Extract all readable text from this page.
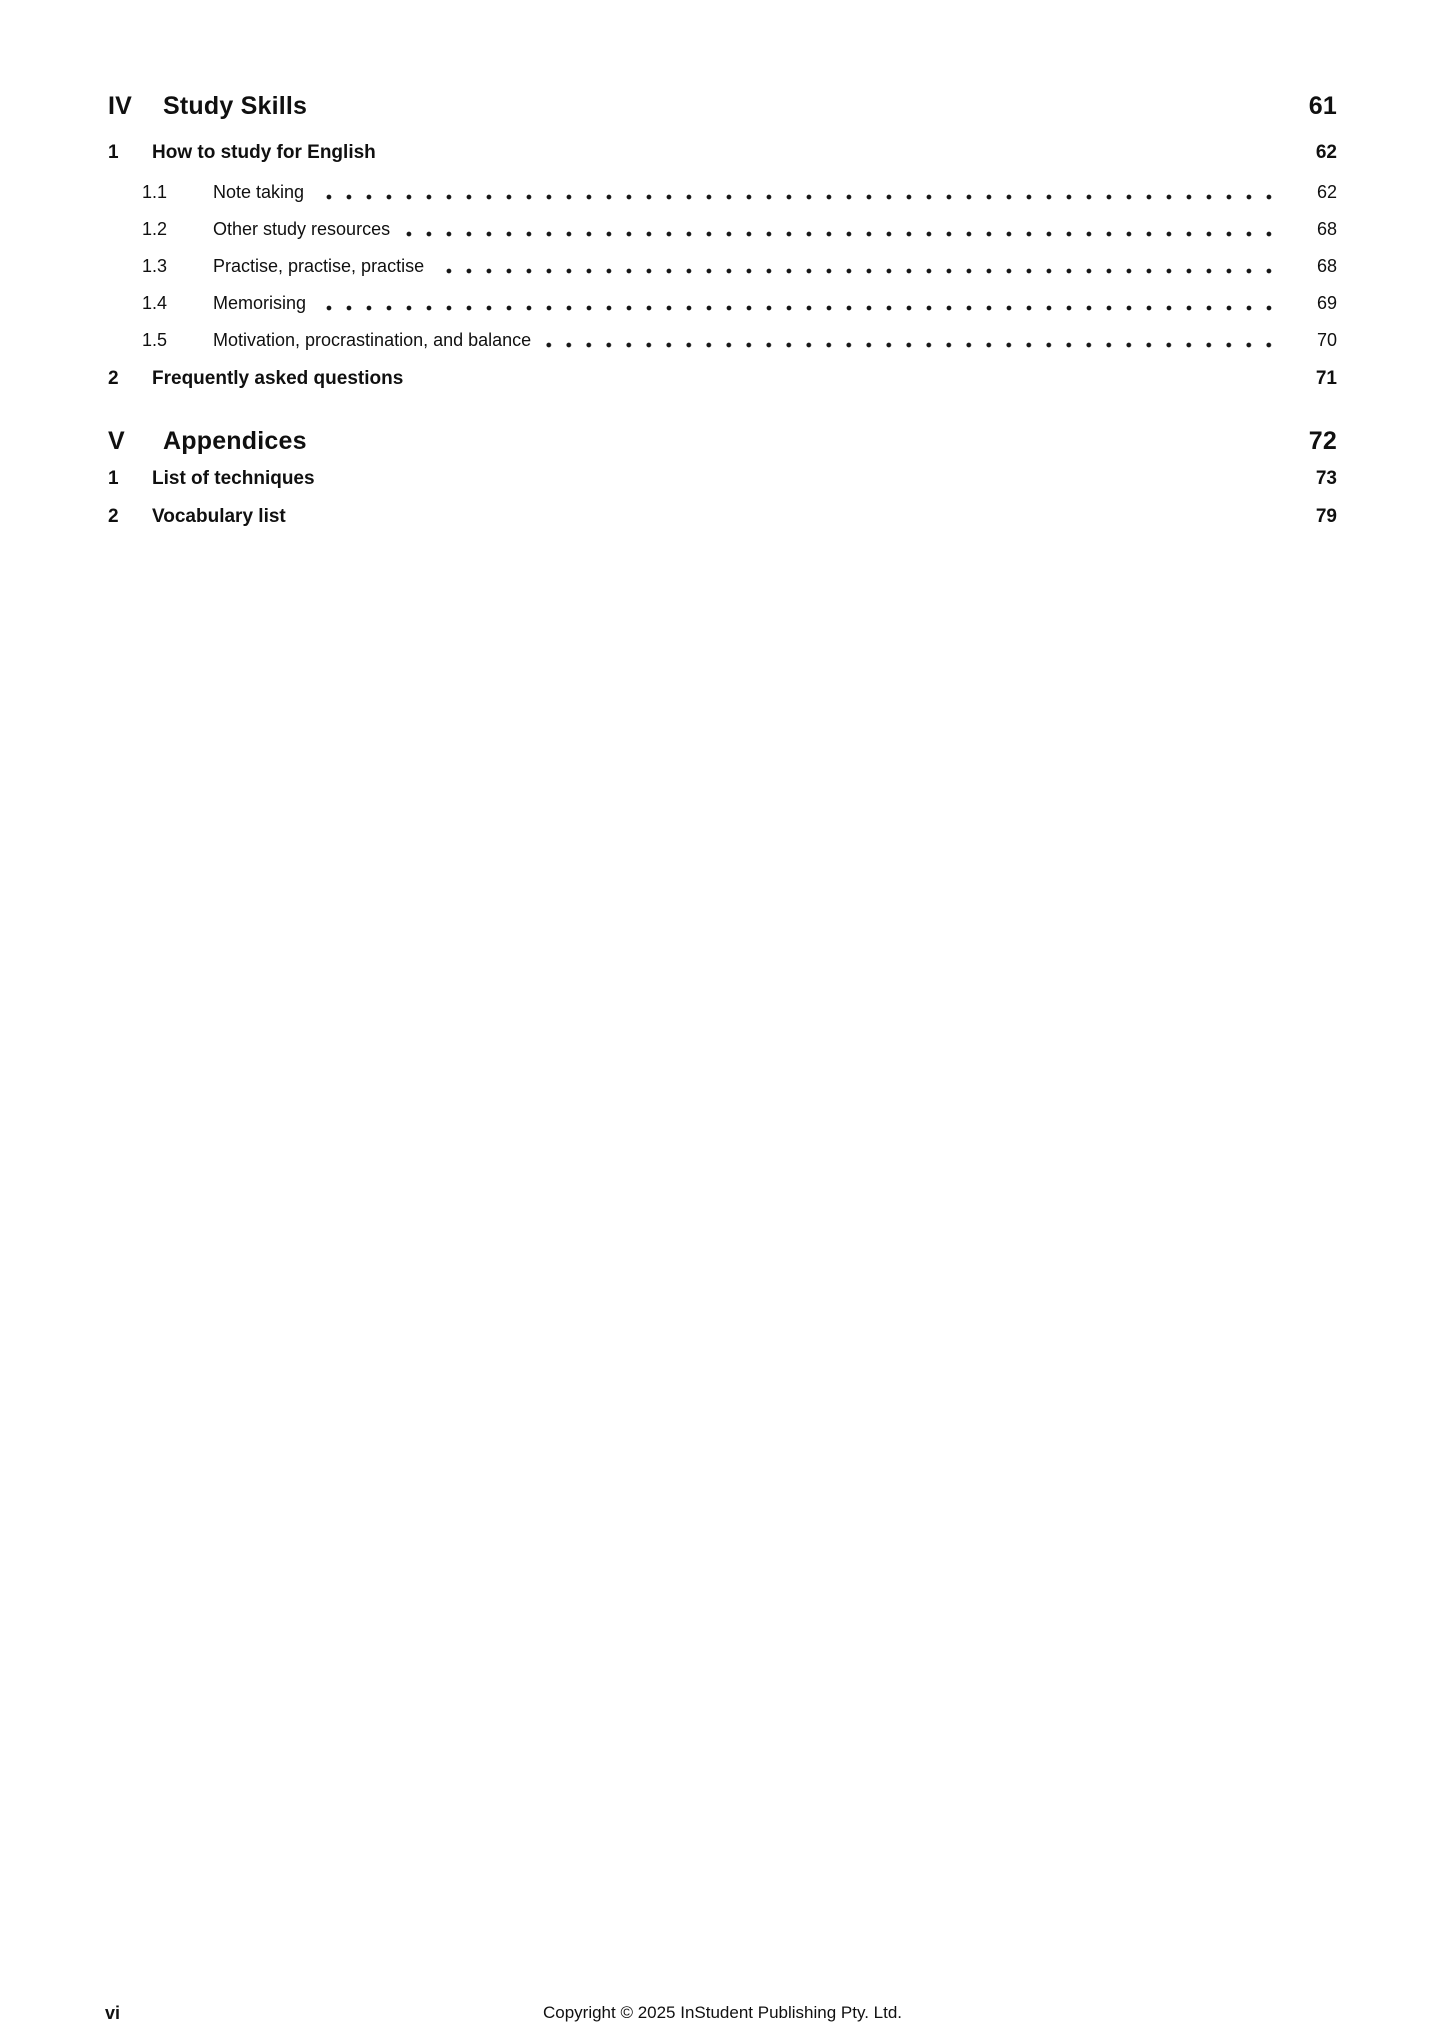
IV	Study Skills	61
1	How to study for English	62
1.1	Note taking	62
1.2	Other study resources	68
1.3	Practise, practise, practise	68
1.4	Memorising	69
1.5	Motivation, procrastination, and balance	70
2	Frequently asked questions	71
V	Appendices	72
1	List of techniques	73
2	Vocabulary list	79
vi	Copyright © 2025 InStudent Publishing Pty. Ltd.
